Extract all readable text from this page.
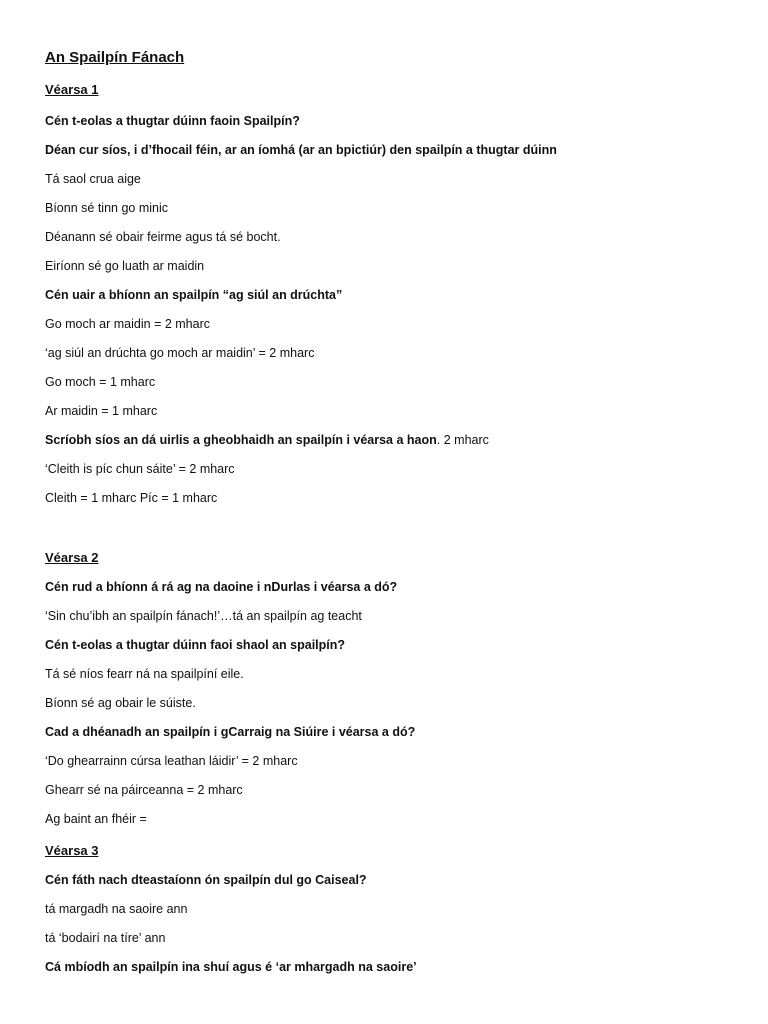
An Spailpín Fánach
Véarsa 1
Cén t-eolas a thugtar dúinn faoin Spailpín?
Déan cur síos, i d’fhocail féin, ar an íomhá (ar an bpictiúr) den spailpín a thugtar dúinn
Tá saol crua aige
Bíonn sé tinn go minic
Déanann sé obair feirme agus tá sé bocht.
Eiríonn sé go luath ar maidin
Cén uair a bhíonn an spailpín “ag siúl an drúchta”
Go moch ar maidin = 2 mharc
‘ag siúl an drúchta go moch ar maidin’ = 2 mharc
Go moch = 1 mharc
Ar maidin = 1 mharc
Scríobh síos an dá uirlis a gheobhaidh an spailpín i véarsa a haon. 2 mharc
‘Cleith is píc chun sáite’ = 2 mharc
Cleith = 1 mharc Píc = 1 mharc
Véarsa 2
Cén rud a bhíonn á rá ag na daoine i nDurlas i véarsa a dó?
‘Sin chu’ibh an spailpín fánach!’…tá an spailpín ag teacht
Cén t-eolas a thugtar dúinn faoi shaol an spailpín?
Tá sé níos fearr ná na spailpíní eile.
Bíonn sé ag obair le súiste.
Cad a dhéanadh an spailpín i gCarraig na Siúire i véarsa a dó?
‘Do ghearrainn cúrsa leathan láidir’ = 2 mharc
Ghearr sé na páirceanna = 2 mharc
Ag baint an fhéir =
Véarsa 3
Cén fáth nach dteastaíonn ón spailpín dul go Caiseal?
tá margadh na saoire ann
tá ‘bodairí na tíre’ ann
Cá mbíodh an spailpín ina shuí agus é ‘ar mhargadh na saoire’
